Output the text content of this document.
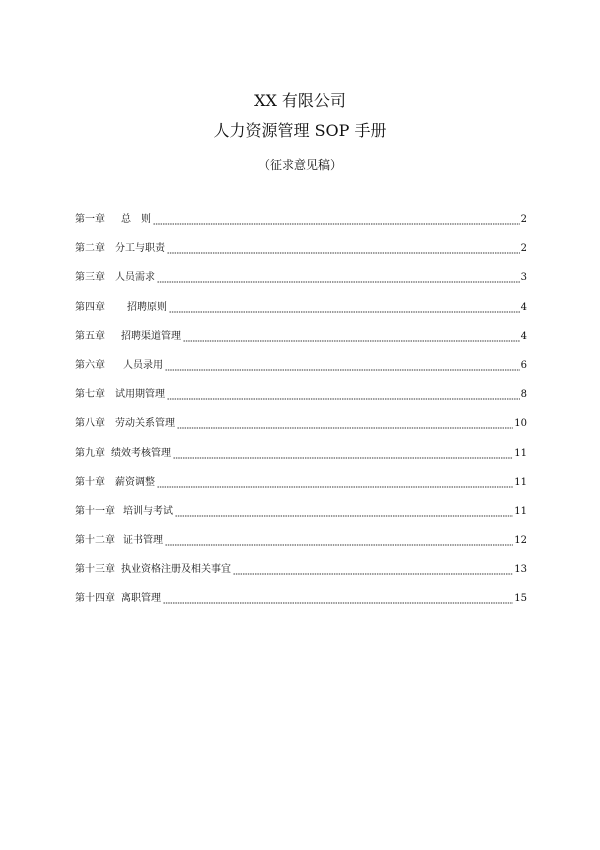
XX 有限公司
人力资源管理 SOP 手册
（征求意见稿）
第一章 总　则	2
第二章 分工与职责	2
第三章 人员需求	3
第四章 招聘原则	4
第五章 招聘渠道管理	4
第六章 人员录用	6
第七章 试用期管理	8
第八章 劳动关系管理	10
第九章 绩效考核管理	11
第十章 薪资调整	11
第十一章 培训与考试	11
第十二章 证书管理	12
第十三章 执业资格注册及相关事宜	13
第十四章 离职管理	15
